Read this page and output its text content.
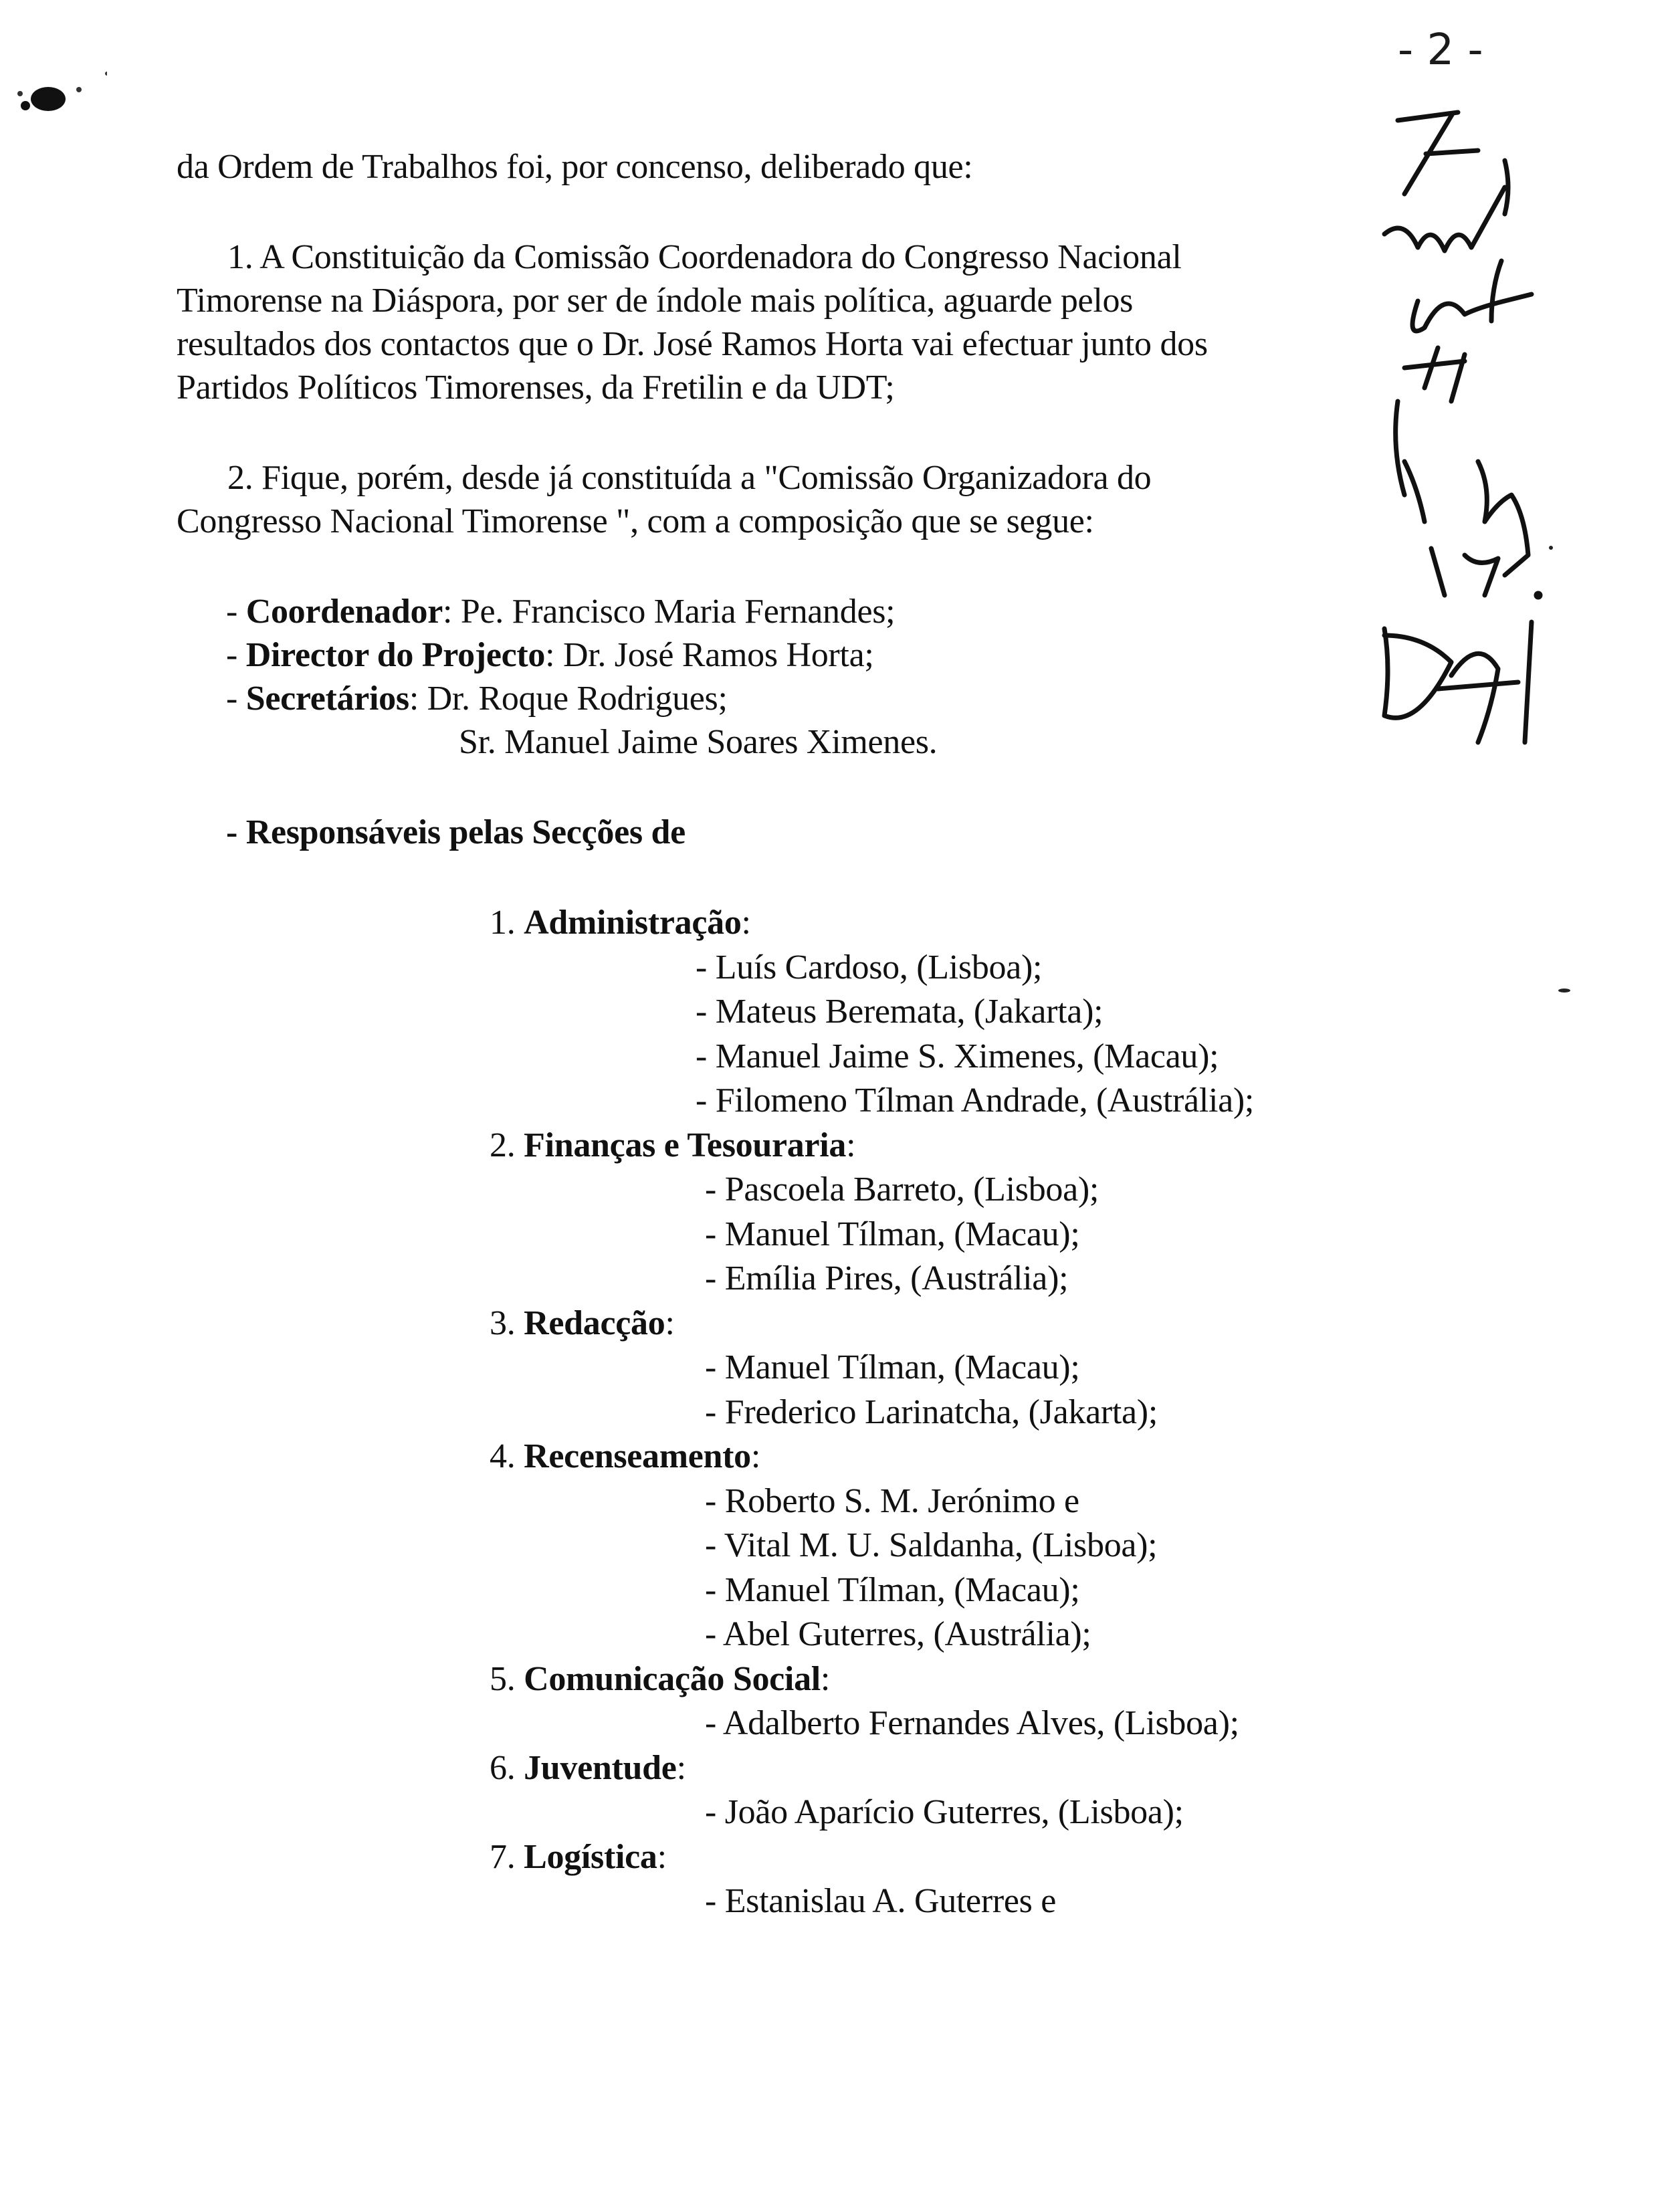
- 2 -
da Ordem de Trabalhos foi, por concenso, deliberado que:
1. A Constituição da Comissão Coordenadora do Congresso Nacional
Timorense na Diáspora, por ser de índole mais política, aguarde pelos
resultados dos contactos que o Dr. José Ramos Horta vai efectuar junto dos
Partidos Políticos Timorenses, da Fretilin e da UDT;
2. Fique, porém, desde já constituída a "Comissão Organizadora do
Congresso Nacional Timorense ", com a composição que se segue:
- Coordenador: Pe. Francisco Maria Fernandes;
- Director do Projecto: Dr. José Ramos Horta;
- Secretários: Dr. Roque Rodrigues;
Sr. Manuel Jaime Soares Ximenes.
- Responsáveis pelas Secções de
1. Administração:
- Luís Cardoso, (Lisboa);
- Mateus Beremata, (Jakarta);
- Manuel Jaime S. Ximenes, (Macau);
- Filomeno Tílman Andrade, (Austrália);
2. Finanças e Tesouraria:
- Pascoela Barreto, (Lisboa);
- Manuel Tílman, (Macau);
- Emília Pires, (Austrália);
3. Redacção:
- Manuel Tílman, (Macau);
- Frederico Larinatcha, (Jakarta);
4. Recenseamento:
- Roberto S. M. Jerónimo e
- Vital M. U. Saldanha, (Lisboa);
- Manuel Tílman, (Macau);
- Abel Guterres, (Austrália);
5. Comunicação Social:
- Adalberto Fernandes Alves, (Lisboa);
6. Juventude:
- João Aparício Guterres, (Lisboa);
7. Logística:
- Estanislau A. Guterres e
